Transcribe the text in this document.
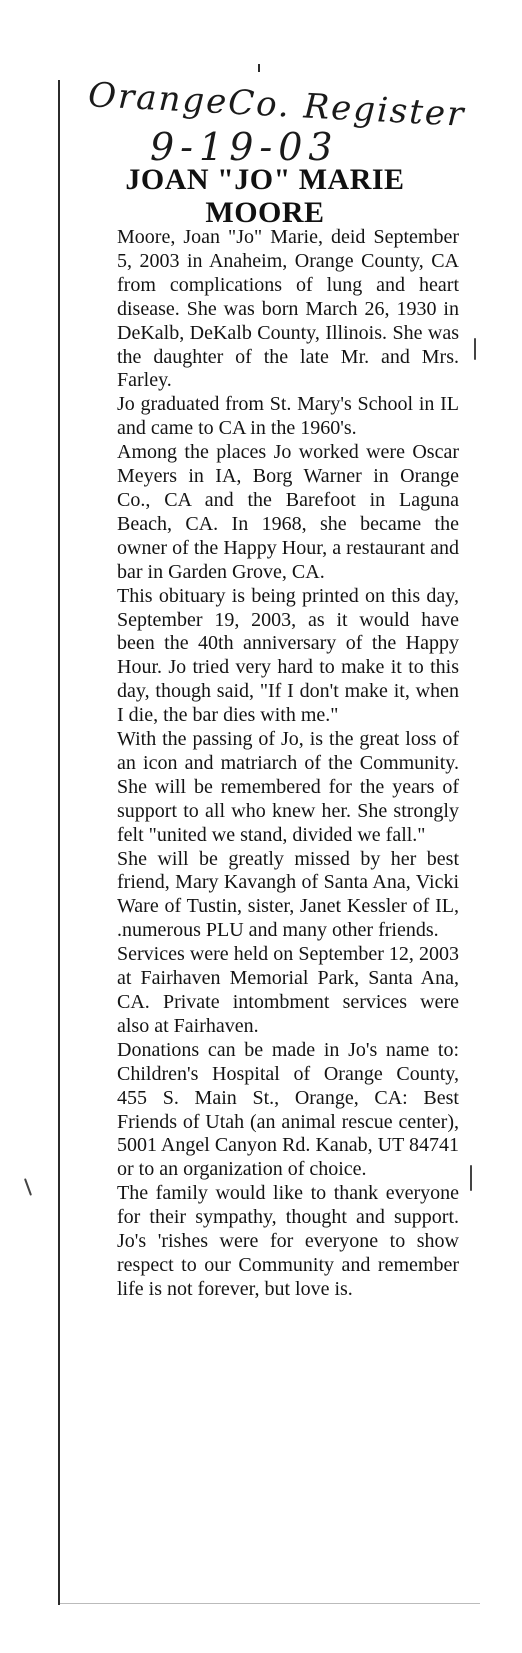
OrangeCo. Register
9-19-03
JOAN "JO" MARIE
MOORE

Moore, Joan "Jo" Marie, deid September 5, 2003 in Anaheim, Orange County, CA from complications of lung and heart disease. She was born March 26, 1930 in DeKalb, DeKalb County, Illinois. She was the daughter of the late Mr. and Mrs. Farley.

Jo graduated from St. Mary's School in IL and came to CA in the 1960's.

Among the places Jo worked were Oscar Meyers in IA, Borg Warner in Orange Co., CA and the Barefoot in Laguna Beach, CA. In 1968, she became the owner of the Happy Hour, a restaurant and bar in Garden Grove, CA.

This obituary is being printed on this day, September 19, 2003, as it would have been the 40th anniversary of the Happy Hour. Jo tried very hard to make it to this day, though said, "If I don't make it, when I die, the bar dies with me."

With the passing of Jo, is the great loss of an icon and matriarch of the Community. She will be remembered for the years of support to all who knew her. She strongly felt "united we stand, divided we fall."

She will be greatly missed by her best friend, Mary Kavangh of Santa Ana, Vicki Ware of Tustin, sister, Janet Kessler of IL, .numerous PLU and many other friends.

Services were held on September 12, 2003 at Fairhaven Memorial Park, Santa Ana, CA. Private intombment services were also at Fairhaven.

Donations can be made in Jo's name to: Children's Hospital of Orange County, 455 S. Main St., Orange, CA: Best Friends of Utah (an animal rescue center), 5001 Angel Canyon Rd. Kanab, UT 84741 or to an organization of choice.

The family would like to thank everyone for their sympathy, thought and support. Jo's 'rishes were for everyone to show respect to our Community and remember life is not forever, but love is.
